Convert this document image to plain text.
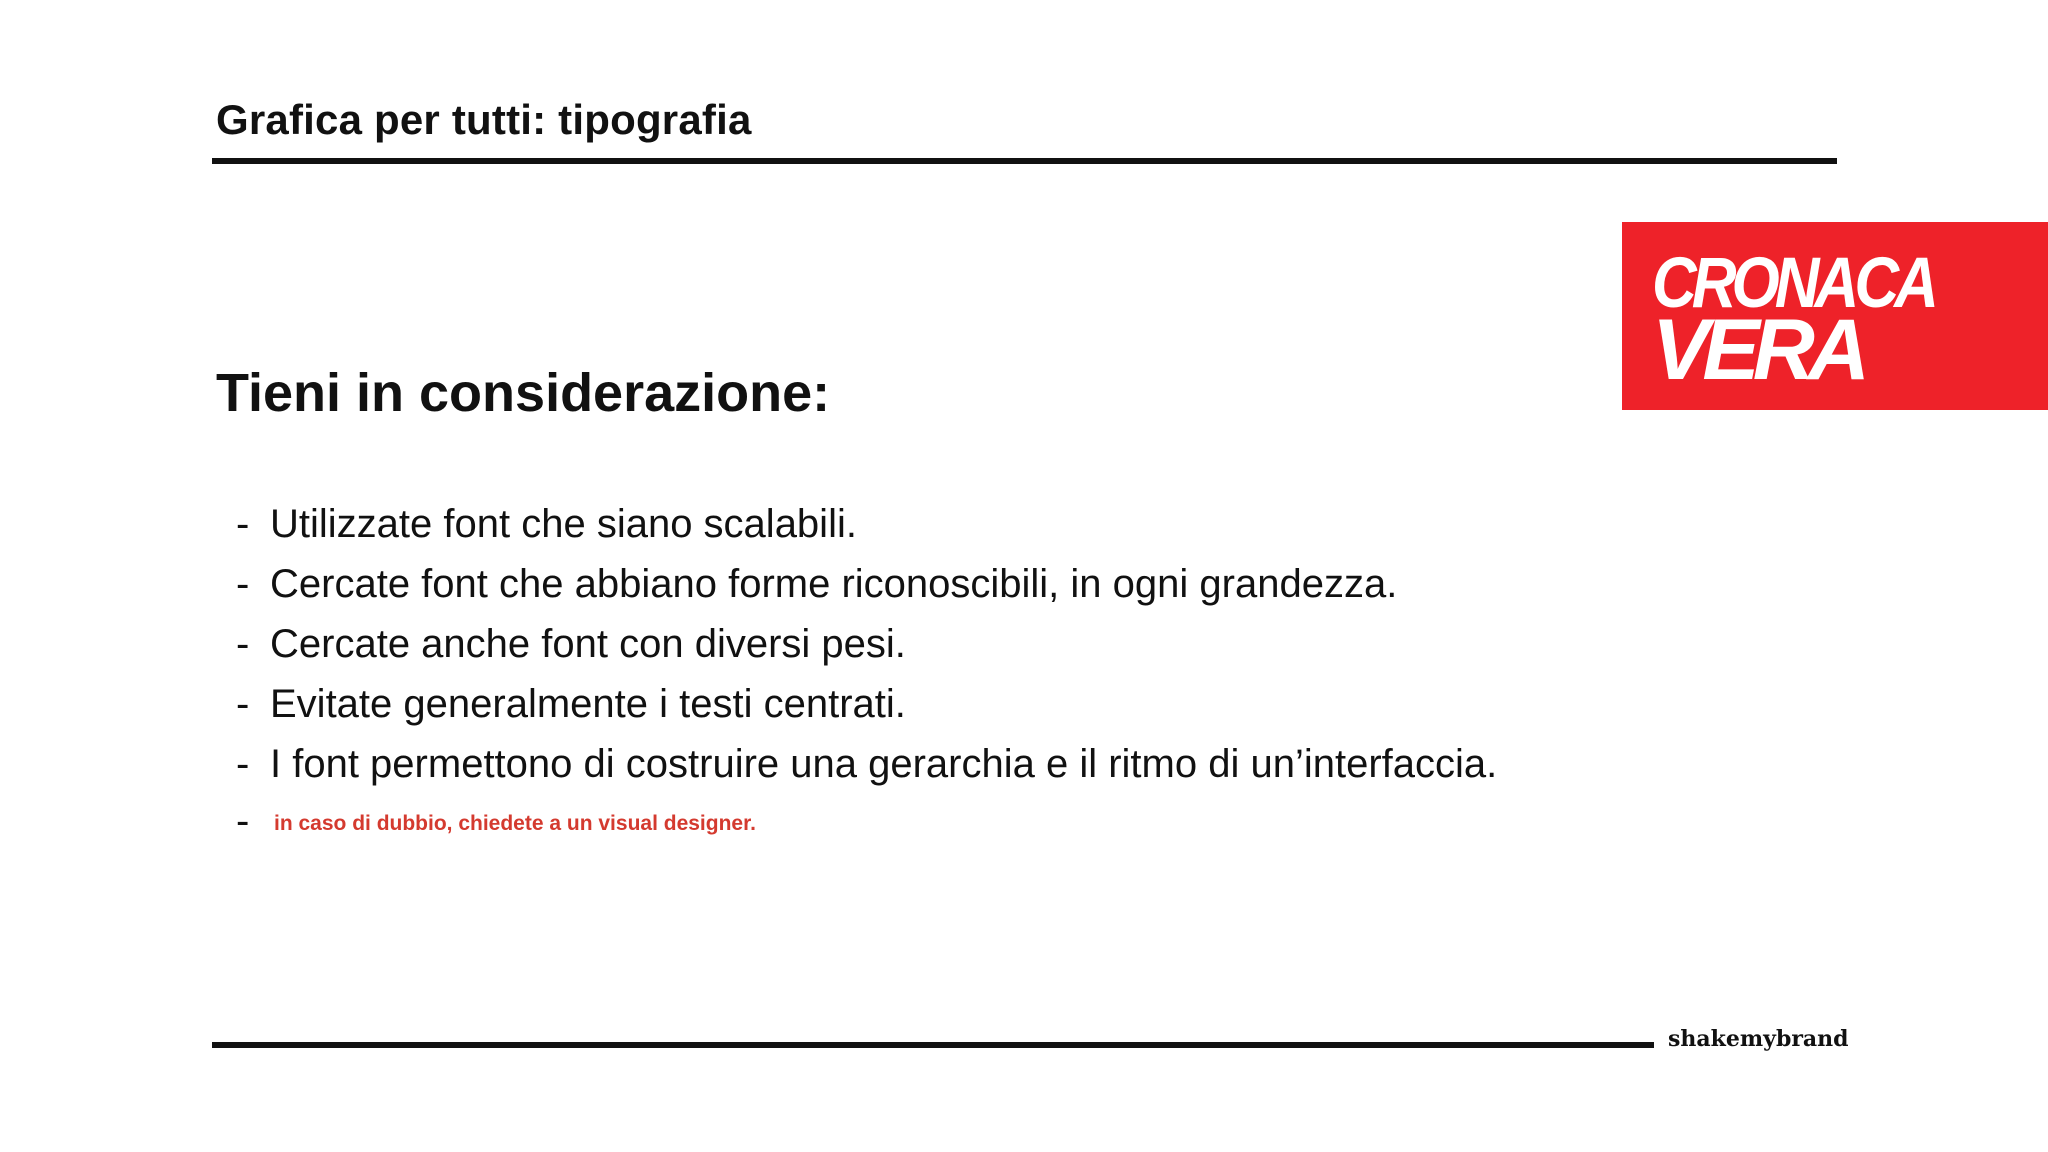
Grafica per tutti: tipografia
CRONACA
VERA
Tieni in considerazione:
- Utilizzate font che siano scalabili.
- Cercate font che abbiano forme riconoscibili, in ogni grandezza.
- Cercate anche font con diversi pesi.
- Evitate generalmente i testi centrati.
- I font permettono di costruire una gerarchia e il ritmo di un’interfaccia.
- in caso di dubbio, chiedete a un visual designer.
shakemybrand
